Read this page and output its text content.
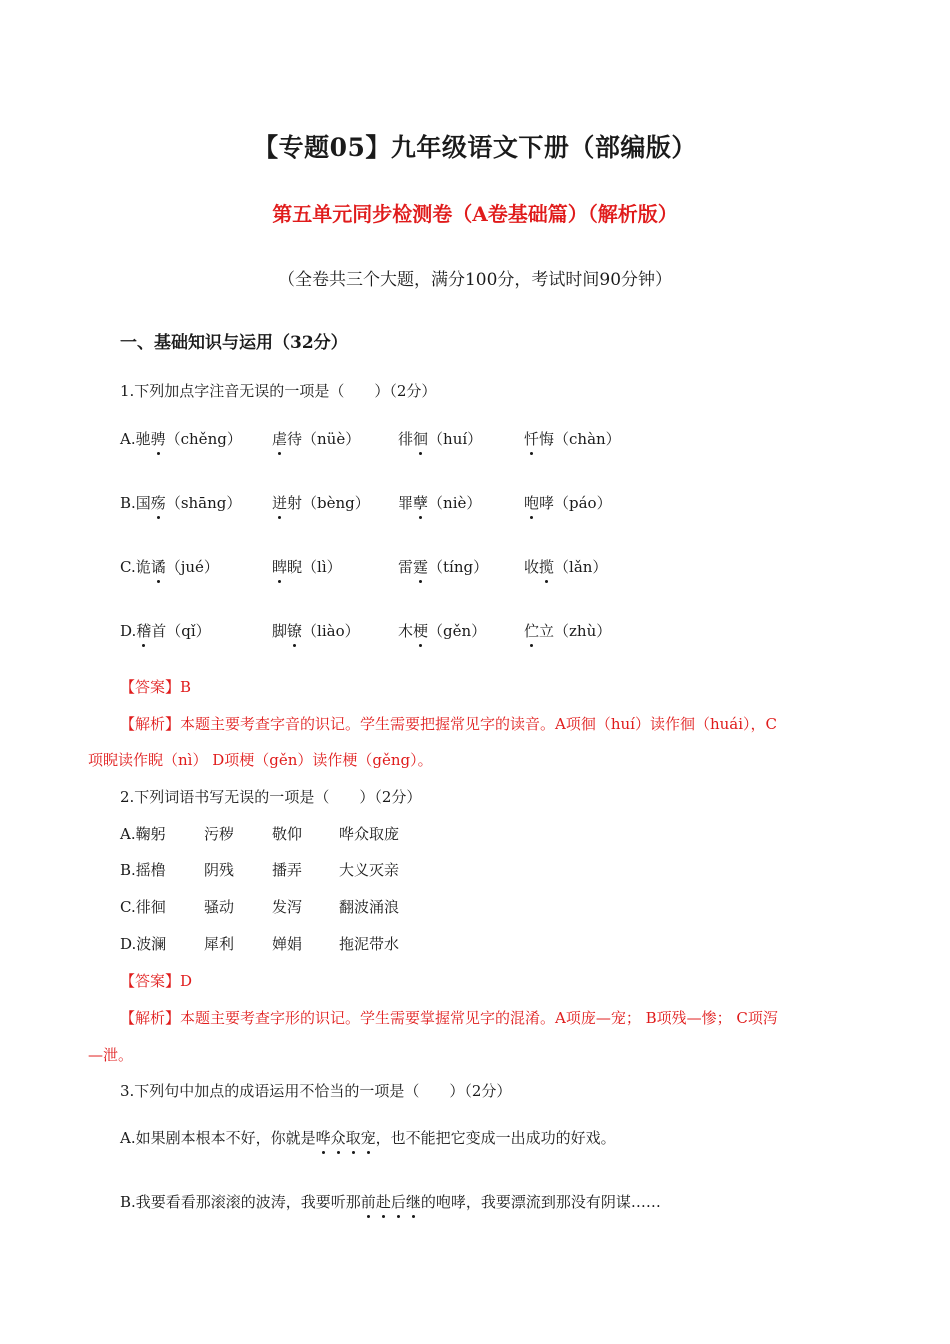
【专题05】九年级语文下册（部编版）
第五单元同步检测卷（A卷基础篇）（解析版）
（全卷共三个大题，满分100分，考试时间90分钟）
一、基础知识与运用（32分）
1.下列加点字注音无误的一项是（　　）（2分）
A.驰骋（chěng） 虐待（nüè）	徘徊（huí）	忏悔（chàn）
B.国殇（shāng） 迸射（bèng） 罪孽（niè）	咆哮（páo）
C.诡谲（jué）	睥睨（lì）	雷霆（tíng） 收揽（lǎn）
D.稽首（qǐ）	脚镣（liào）	木梗（gěn）	伫立（zhù）
【答案】B
【解析】本题主要考查字音的识记。学生需要把握常见字的读音。A项徊（huí）读作徊（huái），C
项睨读作睨（nì） D项梗（gěn）读作梗（gěng）。
2.下列词语书写无误的一项是（　　）（2分）
A.鞠躬	污秽	敬仰 哗众取庞
B.摇橹	阴残	播弄 大义灭亲
C.徘徊	骚动	发泻 翻波涌浪
D.波澜	犀利	婵娟 拖泥带水
【答案】D
【解析】本题主要考查字形的识记。学生需要掌握常见字的混淆。A项庞—宠； B项残—惨； C项泻
—泄。
3.下列句中加点的成语运用不恰当的一项是（　　）（2分）
A.如果剧本根本不好，你就是哗众取宠，也不能把它变成一出成功的好戏。
B.我要看看那滚滚的波涛，我要听那前赴后继的咆哮，我要漂流到那没有阴谋……
